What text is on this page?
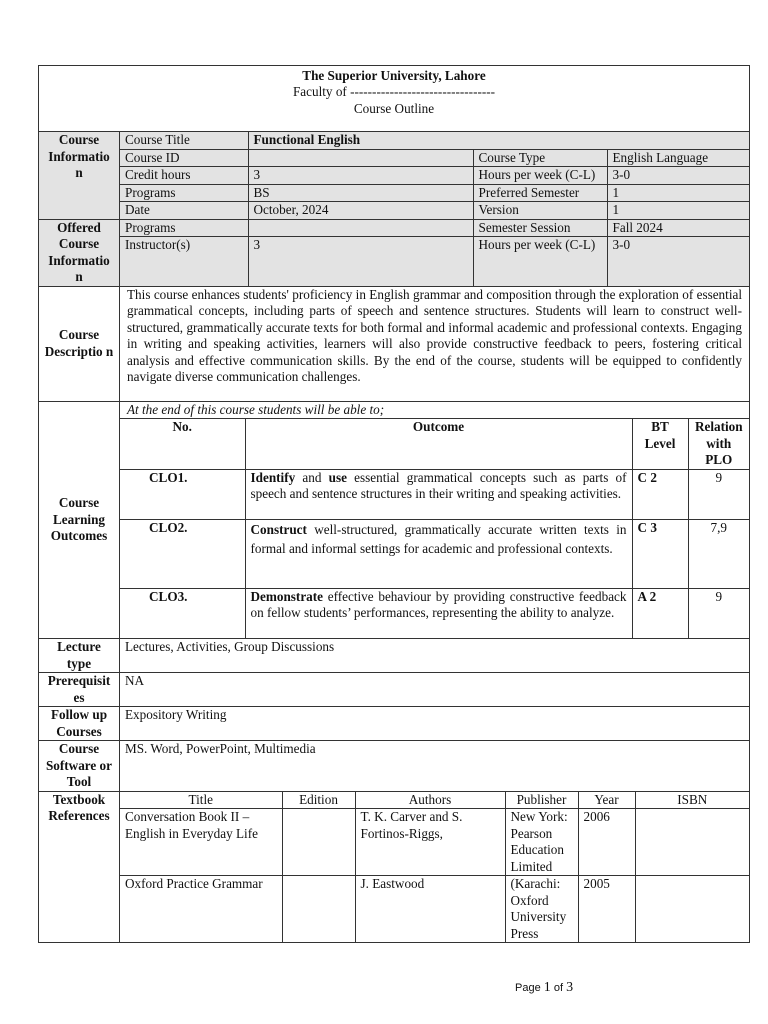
The Superior University, Lahore
Faculty of ---------------------------------
Course Outline

Course Informatio n	
Course Title	Functional English
Course ID		Course Type	English Language
Credit hours	3	Hours per week (C-L)	3-0
Programs	BS	Preferred Semester	1
Date	October, 2024	Version	1

Offered Course Informatio n	
Programs		Semester Session	Fall 2024
Instructor(s)	3	Hours per week (C-L)	3-0

Course Descriptio n	This course enhances students' proficiency in English grammar and composition through the exploration of essential grammatical concepts, including parts of speech and sentence structures. Students will learn to construct well-structured, grammatically accurate texts for both formal and informal academic and professional contexts. Engaging in writing and speaking activities, learners will also provide constructive feedback to peers, fostering critical analysis and effective communication skills. By the end of the course, students will be equipped to confidently navigate diverse communication challenges.
Course Learning Outcomes	
At the end of this course students will be able to;
No.	Outcome	BT Level	Relation with PLO
CLO1.	Identify and use essential grammatical concepts such as parts of speech and sentence structures in their writing and speaking activities.	C 2	9
CLO2.	Construct well-structured, grammatically accurate written texts in formal and informal settings for academic and professional contexts.	C 3	7,9
CLO3.	Demonstrate effective behaviour by providing constructive feedback on fellow students’ performances, representing the ability to analyze.	A 2	9

Lecture type	Lectures, Activities, Group Discussions
Prerequisit es	NA
Follow up Courses	Expository Writing
Course Software or Tool	MS. Word, PowerPoint, Multimedia
Textbook References	
Title	Edition	Authors	Publisher	Year	ISBN
Conversation Book II – English in Everyday Life		T. K. Carver and S. Fortinos-Riggs,	New York: Pearson Education Limited	2006	
Oxford Practice Grammar		J. Eastwood	(Karachi: Oxford University Press	2005	
Page 1 of 3
